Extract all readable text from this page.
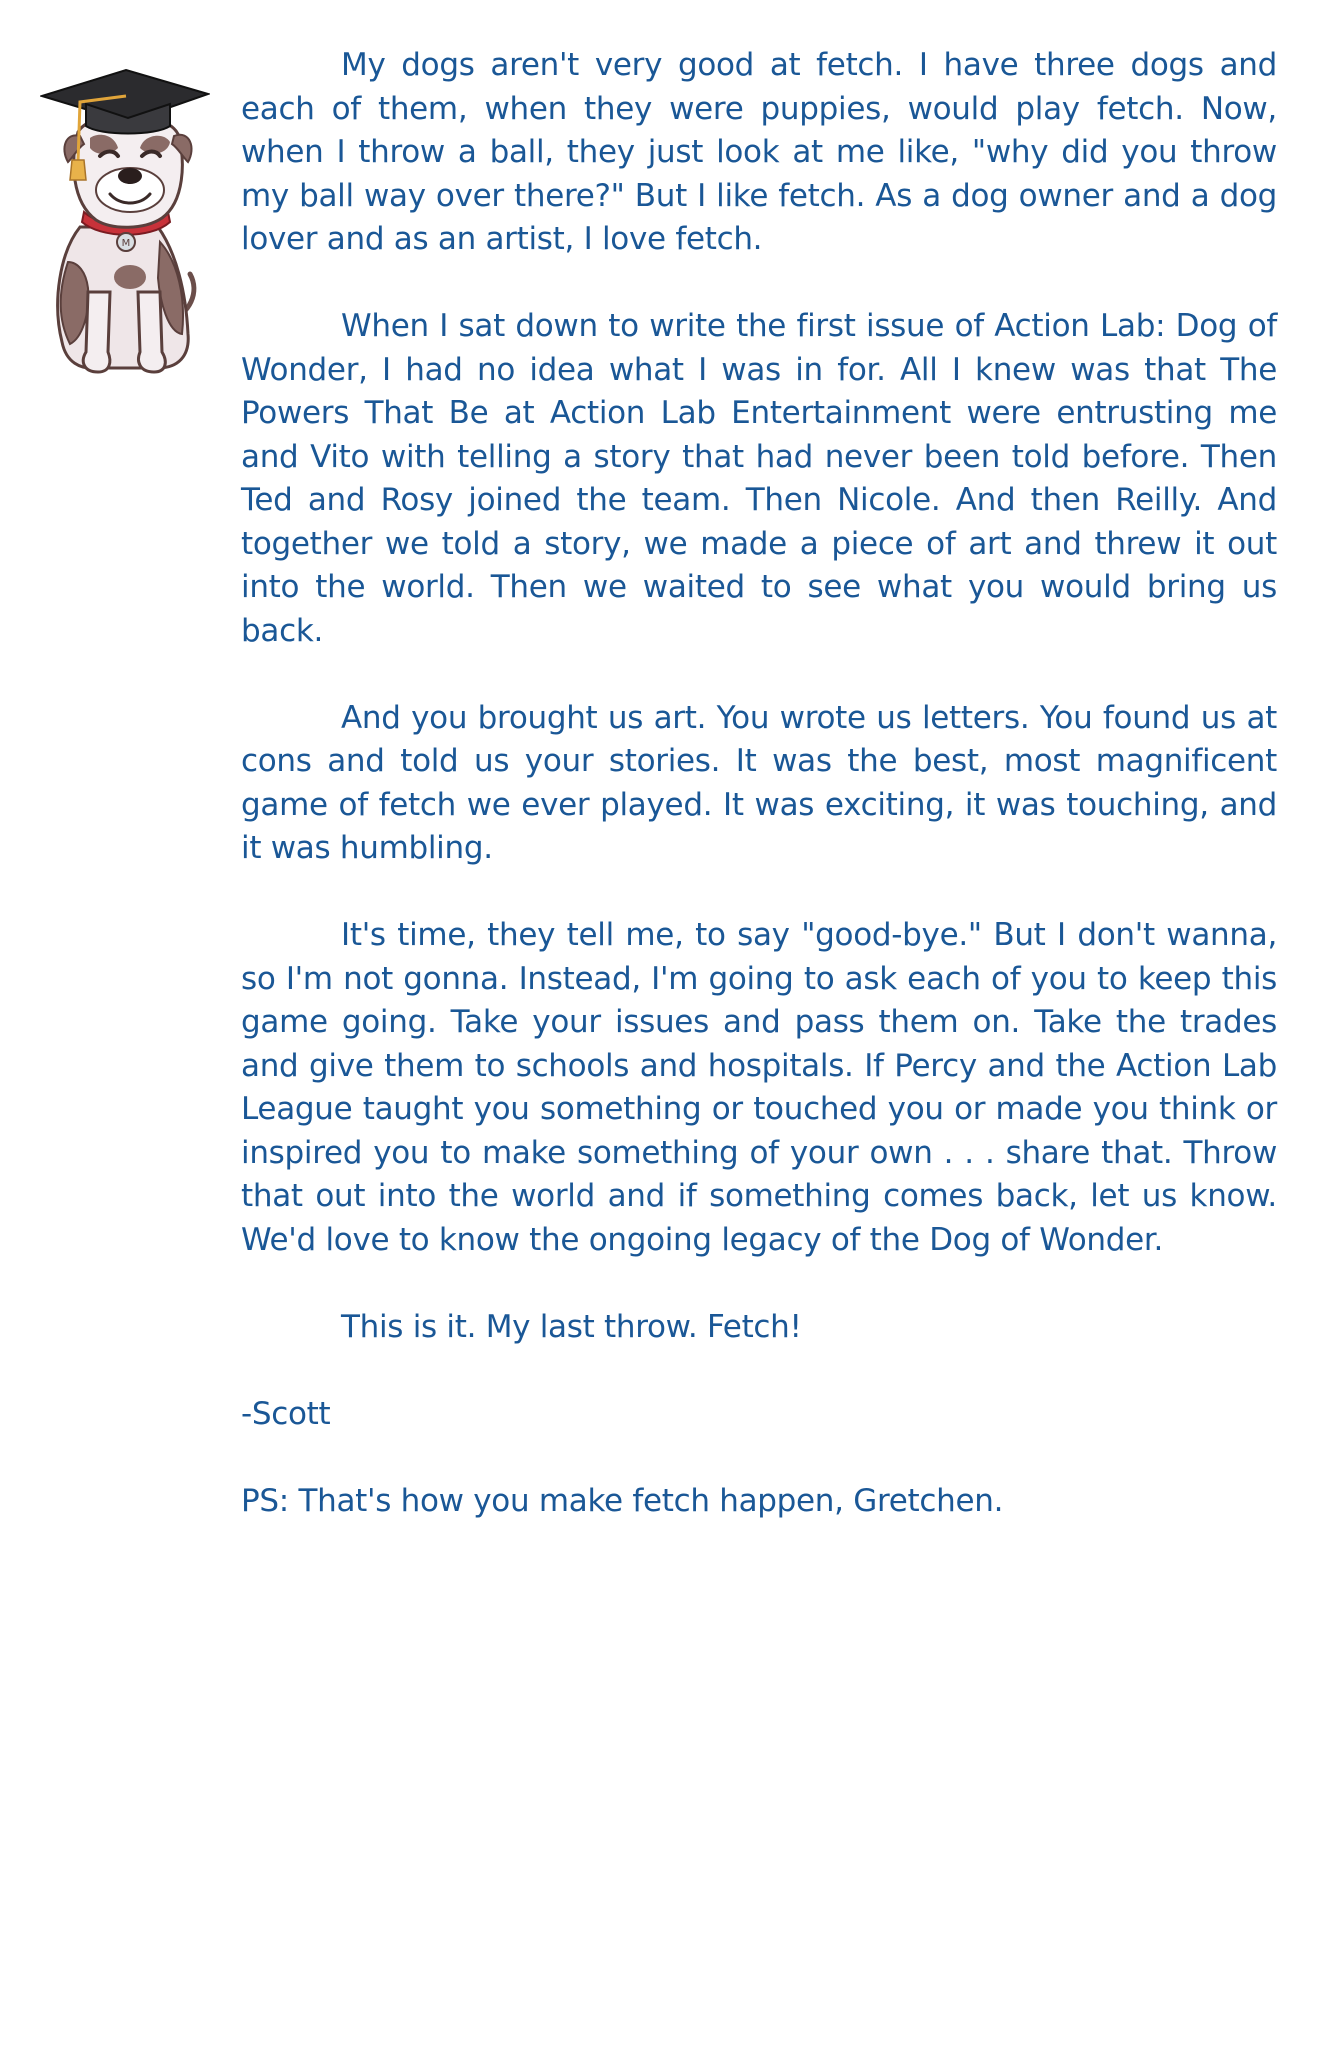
M

My dogs aren't very good at fetch. I have three dogs and each of them, when they were puppies, would play fetch. Now, when I throw a ball, they just look at me like, "why did you throw my ball way over there?" But I like fetch. As a dog owner and a dog lover and as an artist, I love fetch.

When I sat down to write the first issue of Action Lab: Dog of Wonder, I had no idea what I was in for. All I knew was that The Powers That Be at Action Lab Entertainment were entrusting me and Vito with telling a story that had never been told before. Then Ted and Rosy joined the team. Then Nicole. And then Reilly. And together we told a story, we made a piece of art and threw it out into the world. Then we waited to see what you would bring us back.

And you brought us art. You wrote us letters. You found us at cons and told us your stories. It was the best, most magnificent game of fetch we ever played. It was exciting, it was touching, and it was humbling.

It's time, they tell me, to say "good-bye." But I don't wanna, so I'm not gonna. Instead, I'm going to ask each of you to keep this game going. Take your issues and pass them on. Take the trades and give them to schools and hospitals. If Percy and the Action Lab League taught you something or touched you or made you think or inspired you to make something of your own . . . share that. Throw that out into the world and if something comes back, let us know. We'd love to know the ongoing legacy of the Dog of Wonder.

This is it. My last throw. Fetch!

-Scott

PS: That's how you make fetch happen, Gretchen.
